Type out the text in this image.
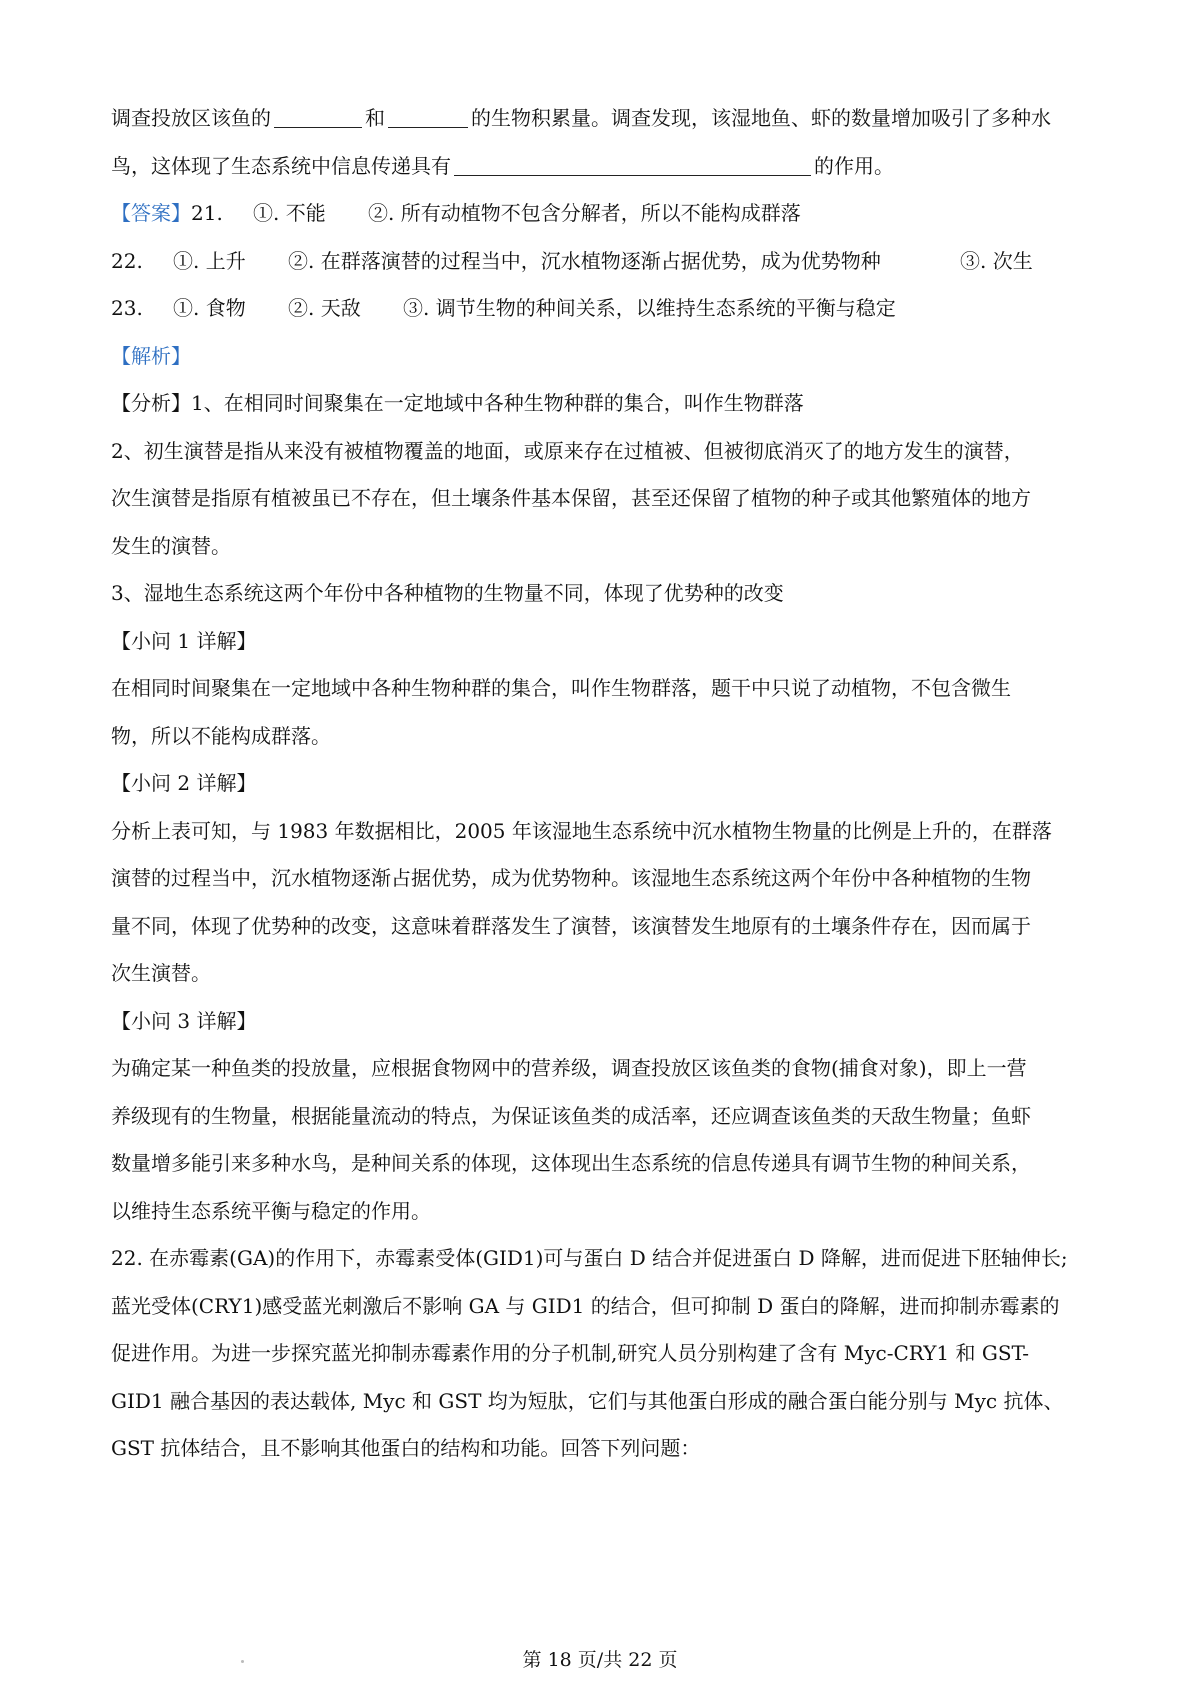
调查投放区该鱼的	和	的生物积累量。调查发现，该湿地鱼、虾的数量增加吸引了多种水
鸟，这体现了生态系统中信息传递具有	的作用。
【答案】21. ①. 不能 ②. 所有动植物不包含分解者，所以不能构成群落
22. ①. 上升 ②. 在群落演替的过程当中，沉水植物逐渐占据优势，成为优势物种	③. 次生
23. ①. 食物 ②. 天敌 ③. 调节生物的种间关系，以维持生态系统的平衡与稳定
【解析】
【分析】1、在相同时间聚集在一定地域中各种生物种群的集合，叫作生物群落
2、初生演替是指从来没有被植物覆盖的地面，或原来存在过植被、但被彻底消灭了的地方发生的演替，
次生演替是指原有植被虽已不存在，但土壤条件基本保留，甚至还保留了植物的种子或其他繁殖体的地方
发生的演替。
3、湿地生态系统这两个年份中各种植物的生物量不同，体现了优势种的改变
【小问 1 详解】
在相同时间聚集在一定地域中各种生物种群的集合，叫作生物群落，题干中只说了动植物，不包含微生
物，所以不能构成群落。
【小问 2 详解】
分析上表可知，与 1983 年数据相比，2005 年该湿地生态系统中沉水植物生物量的比例是上升的，在群落
演替的过程当中，沉水植物逐渐占据优势，成为优势物种。该湿地生态系统这两个年份中各种植物的生物
量不同，体现了优势种的改变，这意味着群落发生了演替，该演替发生地原有的土壤条件存在，因而属于
次生演替。
【小问 3 详解】
为确定某一种鱼类的投放量，应根据食物网中的营养级，调查投放区该鱼类的食物(捕食对象)，即上一营
养级现有的生物量，根据能量流动的特点，为保证该鱼类的成活率，还应调查该鱼类的天敌生物量；鱼虾
数量增多能引来多种水鸟，是种间关系的体现，这体现出生态系统的信息传递具有调节生物的种间关系，
以维持生态系统平衡与稳定的作用。
22. 在赤霉素(GA)的作用下，赤霉素受体(GID1)可与蛋白 D 结合并促进蛋白 D 降解，进而促进下胚轴伸长;
蓝光受体(CRY1)感受蓝光刺激后不影响 GA 与 GID1 的结合，但可抑制 D 蛋白的降解，进而抑制赤霉素的
促进作用。为进一步探究蓝光抑制赤霉素作用的分子机制,研究人员分别构建了含有 Myc-CRY1 和 GST-
GID1 融合基因的表达载体, Myc 和 GST 均为短肽，它们与其他蛋白形成的融合蛋白能分别与 Myc 抗体、
GST 抗体结合，且不影响其他蛋白的结构和功能。回答下列问题：
第 18 页/共 22 页
